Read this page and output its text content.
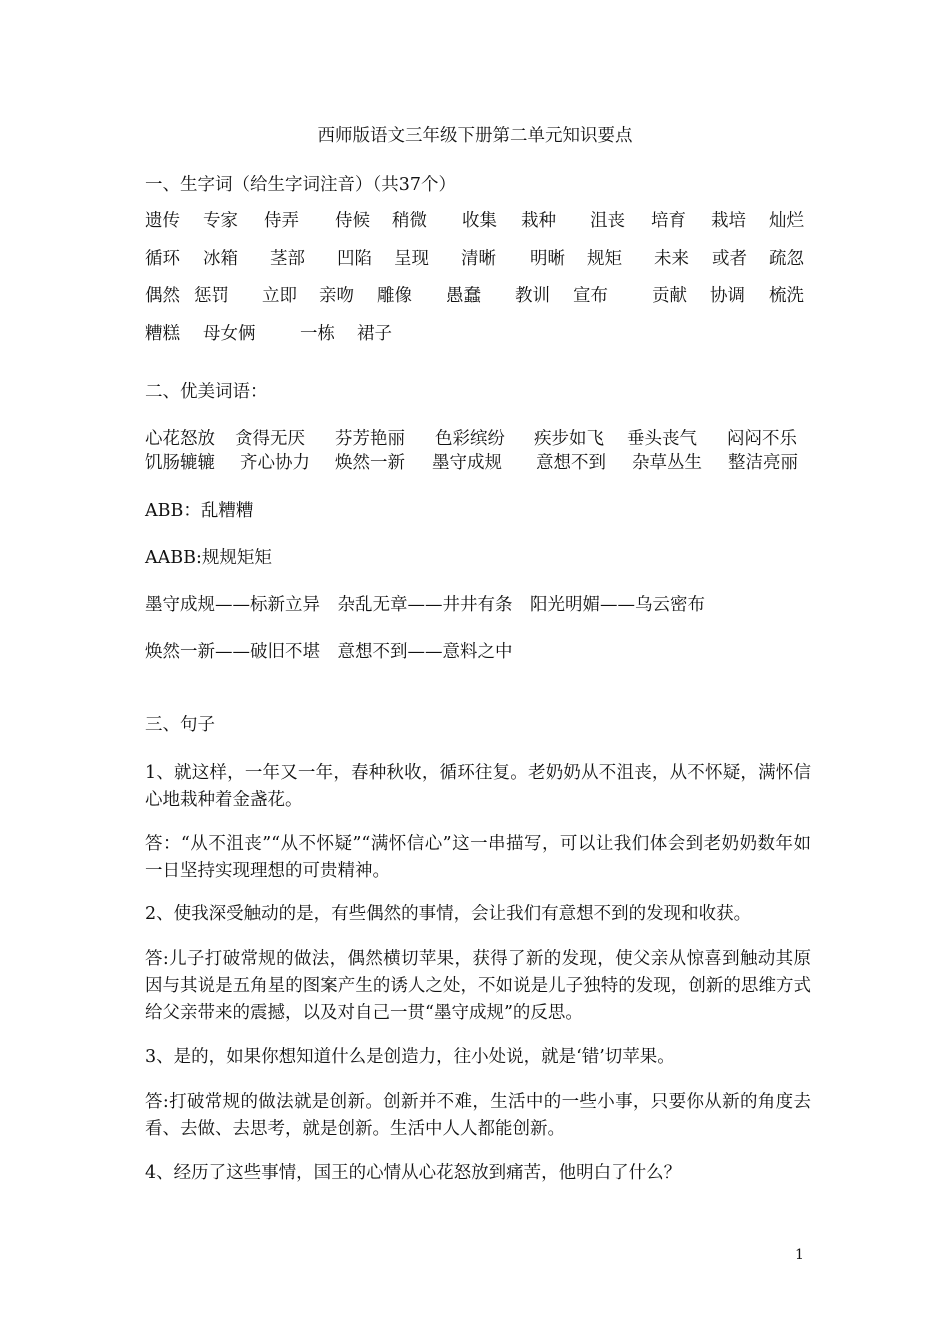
西师版语文三年级下册第二单元知识要点
一、生字词（给生字词注音）（共37个）
遗传 专家 侍弄 侍候 稍微 收集 栽种 沮丧 培育 栽培 灿烂
循环 冰箱 茎部 凹陷 呈现 清晰 明晰 规矩 未来 或者 疏忽
偶然 惩罚 立即 亲吻 雕像 愚蠢 教训 宣布	贡献 协调 梳洗
糟糕 母女俩	一栋 裙子
二、优美词语：
心花怒放 贪得无厌 芬芳艳丽 色彩缤纷 疾步如飞 垂头丧气 闷闷不乐
饥肠辘辘 齐心协力 焕然一新 墨守成规 意想不到 杂草丛生 整洁亮丽
ABB：乱糟糟
AABB:规规矩矩
墨守成规——标新立异　杂乱无章——井井有条　阳光明媚——乌云密布
焕然一新——破旧不堪　意想不到——意料之中
三、句子
1、就这样，一年又一年，春种秋收，循环往复。老奶奶从不沮丧，从不怀疑，满怀信心地栽种着金盏花。
答：“从不沮丧”“从不怀疑”“满怀信心”这一串描写，可以让我们体会到老奶奶数年如一日坚持实现理想的可贵精神。
2、使我深受触动的是，有些偶然的事情，会让我们有意想不到的发现和收获。
答:儿子打破常规的做法，偶然横切苹果，获得了新的发现，使父亲从惊喜到触动其原因与其说是五角星的图案产生的诱人之处，不如说是儿子独特的发现，创新的思维方式给父亲带来的震撼，以及对自己一贯“墨守成规”的反思。
3、是的，如果你想知道什么是创造力，往小处说，就是‘错’切苹果。
答:打破常规的做法就是创新。创新并不难，生活中的一些小事，只要你从新的角度去看、去做、去思考，就是创新。生活中人人都能创新。
4、经历了这些事情，国王的心情从心花怒放到痛苦，他明白了什么？
1
